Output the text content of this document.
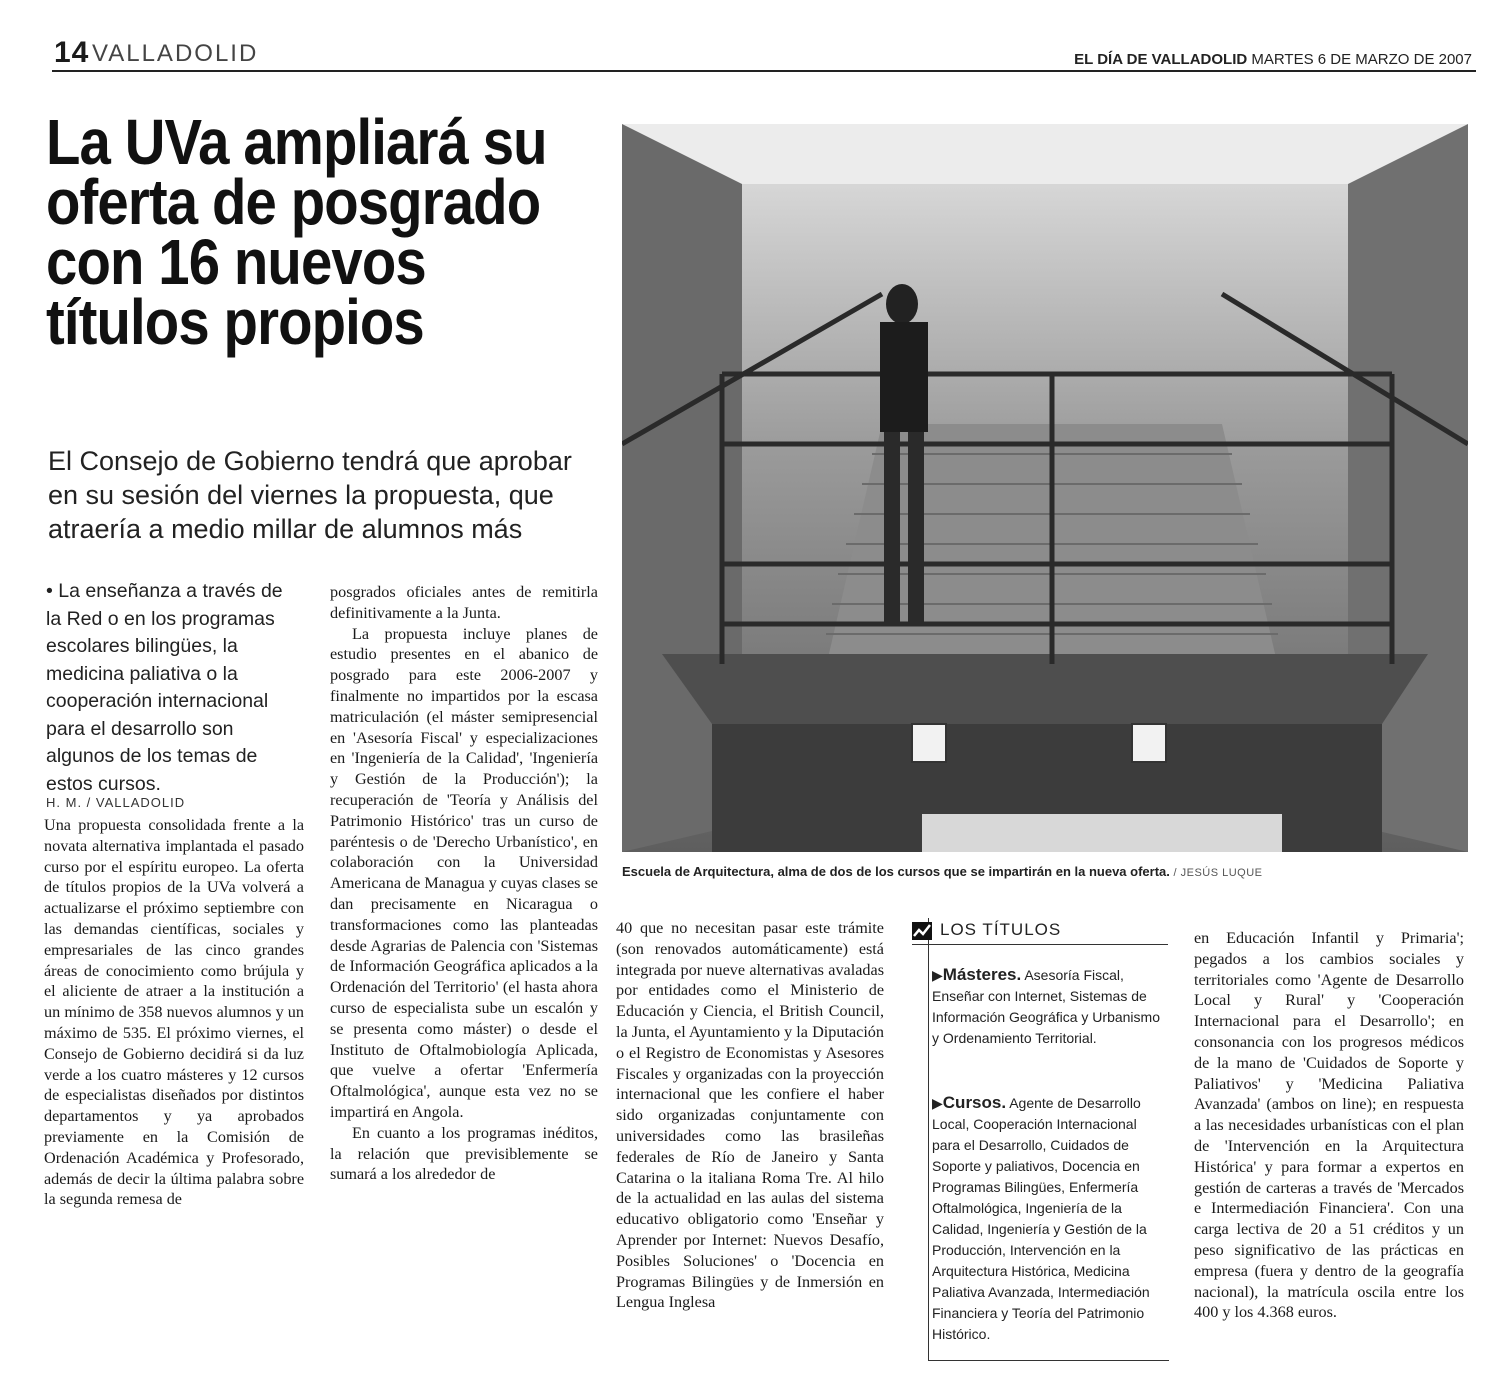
14 VALLADOLID	EL DÍA DE VALLADOLID MARTES 6 DE MARZO DE 2007
La UVa ampliará su oferta de posgrado con 16 nuevos títulos propios
El Consejo de Gobierno tendrá que aprobar en su sesión del viernes la propuesta, que atraería a medio millar de alumnos más
• La enseñanza a través de la Red o en los programas escolares bilingües, la medicina paliativa o la cooperación internacional para el desarrollo son algunos de los temas de estos cursos.
H. M. / VALLADOLID

Una propuesta consolidada frente a la novata alternativa implantada el pasado curso por el espíritu europeo. La oferta de títulos propios de la UVa volverá a actualizarse el próximo septiembre con las demandas científicas, sociales y empresariales de las cinco grandes áreas de conocimiento como brújula y el aliciente de atraer a la institución a un mínimo de 358 nuevos alumnos y un máximo de 535. El próximo viernes, el Consejo de Gobierno decidirá si da luz verde a los cuatro másteres y 12 cursos de especialistas diseñados por distintos departamentos y ya aprobados previamente en la Comisión de Ordenación Académica y Profesorado, además de decir la última palabra sobre la segunda remesa de

posgrados oficiales antes de remitirla definitivamente a la Junta.

La propuesta incluye planes de estudio presentes en el abanico de posgrado para este 2006-2007 y finalmente no impartidos por la escasa matriculación (el máster semipresencial en 'Asesoría Fiscal' y especializaciones en 'Ingeniería de la Calidad', 'Ingeniería y Gestión de la Producción'); la recuperación de 'Teoría y Análisis del Patrimonio Histórico' tras un curso de paréntesis o de 'Derecho Urbanístico', en colaboración con la Universidad Americana de Managua y cuyas clases se dan precisamente en Nicaragua o transformaciones como las planteadas desde Agrarias de Palencia con 'Sistemas de Información Geográfica aplicados a la Ordenación del Territorio' (el hasta ahora curso de especialista sube un escalón y se presenta como máster) o desde el Instituto de Oftalmobiología Aplicada, que vuelve a ofertar 'Enfermería Oftalmológica', aunque esta vez no se impartirá en Angola.

En cuanto a los programas inéditos, la relación que previsiblemente se sumará a los alrededor de

40 que no necesitan pasar este trámite (son renovados automáticamente) está integrada por nueve alternativas avaladas por entidades como el Ministerio de Educación y Ciencia, el British Council, la Junta, el Ayuntamiento y la Diputación o el Registro de Economistas y Asesores Fiscales y organizadas con la proyección internacional que les confiere el haber sido organizadas conjuntamente con universidades como las brasileñas federales de Río de Janeiro y Santa Catarina o la italiana Roma Tre. Al hilo de la actualidad en las aulas del sistema educativo obligatorio como 'Enseñar y Aprender por Internet: Nuevos Desafío, Posibles Soluciones' o 'Docencia en Programas Bilingües y de Inmersión en Lengua Inglesa

en Educación Infantil y Primaria'; pegados a los cambios sociales y territoriales como 'Agente de Desarrollo Local y Rural' y 'Cooperación Internacional para el Desarrollo'; en consonancia con los progresos médicos de la mano de 'Cuidados de Soporte y Paliativos' y 'Medicina Paliativa Avanzada' (ambos on line); en respuesta a las necesidades urbanísticas con el plan de 'Intervención en la Arquitectura Histórica' y para formar a expertos en gestión de carteras a través de 'Mercados e Intermediación Financiera'. Con una carga lectiva de 20 a 51 créditos y un peso significativo de las prácticas en empresa (fuera y dentro de la geografía nacional), la matrícula oscila entre los 400 y los 4.368 euros.

Escuela de Arquitectura, alma de dos de los cursos que se impartirán en la nueva oferta. / JESÚS LUQUE
LOS TÍTULOS
▶Másteres. Asesoría Fiscal, Enseñar con Internet, Sistemas de Información Geográfica y Urbanismo y Ordenamiento Territorial.
▶Cursos. Agente de Desarrollo Local, Cooperación Internacional para el Desarrollo, Cuidados de Soporte y paliativos, Docencia en Programas Bilingües, Enfermería Oftalmológica, Ingeniería de la Calidad, Ingeniería y Gestión de la Producción, Intervención en la Arquitectura Histórica, Medicina Paliativa Avanzada, Intermediación Financiera y Teoría del Patrimonio Histórico.
